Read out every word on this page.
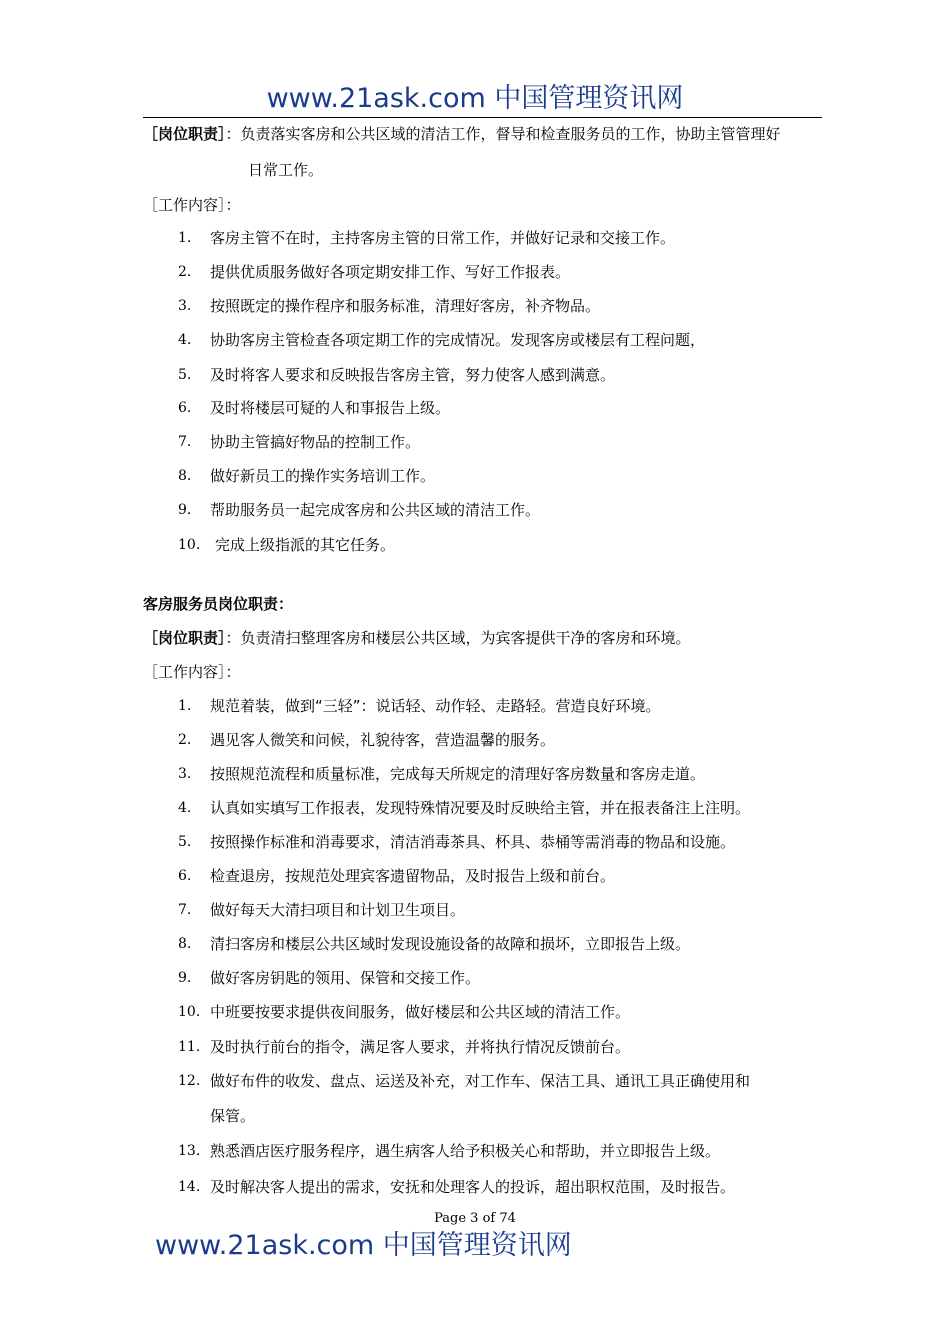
www.21ask.com 中国管理资讯网
［岗位职责］：负责落实客房和公共区域的清洁工作，督导和检查服务员的工作，协助主管管理好
日常工作。
［工作内容］：
1. 客房主管不在时，主持客房主管的日常工作，并做好记录和交接工作。
2. 提供优质服务做好各项定期安排工作、写好工作报表。
3. 按照既定的操作程序和服务标准，清理好客房，补齐物品。
4. 协助客房主管检查各项定期工作的完成情况。发现客房或楼层有工程问题，
5. 及时将客人要求和反映报告客房主管，努力使客人感到满意。
6. 及时将楼层可疑的人和事报告上级。
7. 协助主管搞好物品的控制工作。
8. 做好新员工的操作实务培训工作。
9. 帮助服务员一起完成客房和公共区域的清洁工作。
10. 完成上级指派的其它任务。
客房服务员岗位职责：
［岗位职责］：负责清扫整理客房和楼层公共区域，为宾客提供干净的客房和环境。
［工作内容］：
1. 规范着装，做到“三轻”：说话轻、动作轻、走路轻。营造良好环境。
2. 遇见客人微笑和问候，礼貌待客，营造温馨的服务。
3. 按照规范流程和质量标准，完成每天所规定的清理好客房数量和客房走道。
4. 认真如实填写工作报表，发现特殊情况要及时反映给主管，并在报表备注上注明。
5. 按照操作标准和消毒要求，清洁消毒茶具、杯具、恭桶等需消毒的物品和设施。
6. 检查退房，按规范处理宾客遗留物品，及时报告上级和前台。
7. 做好每天大清扫项目和计划卫生项目。
8. 清扫客房和楼层公共区域时发现设施设备的故障和损坏，立即报告上级。
9. 做好客房钥匙的领用、保管和交接工作。
10. 中班要按要求提供夜间服务，做好楼层和公共区域的清洁工作。
11. 及时执行前台的指令，满足客人要求，并将执行情况反馈前台。
12. 做好布件的收发、盘点、运送及补充，对工作车、保洁工具、通讯工具正确使用和
保管。
13. 熟悉酒店医疗服务程序，遇生病客人给予积极关心和帮助，并立即报告上级。
14. 及时解决客人提出的需求，安抚和处理客人的投诉，超出职权范围，及时报告。
Page 3 of 74
www.21ask.com 中国管理资讯网
